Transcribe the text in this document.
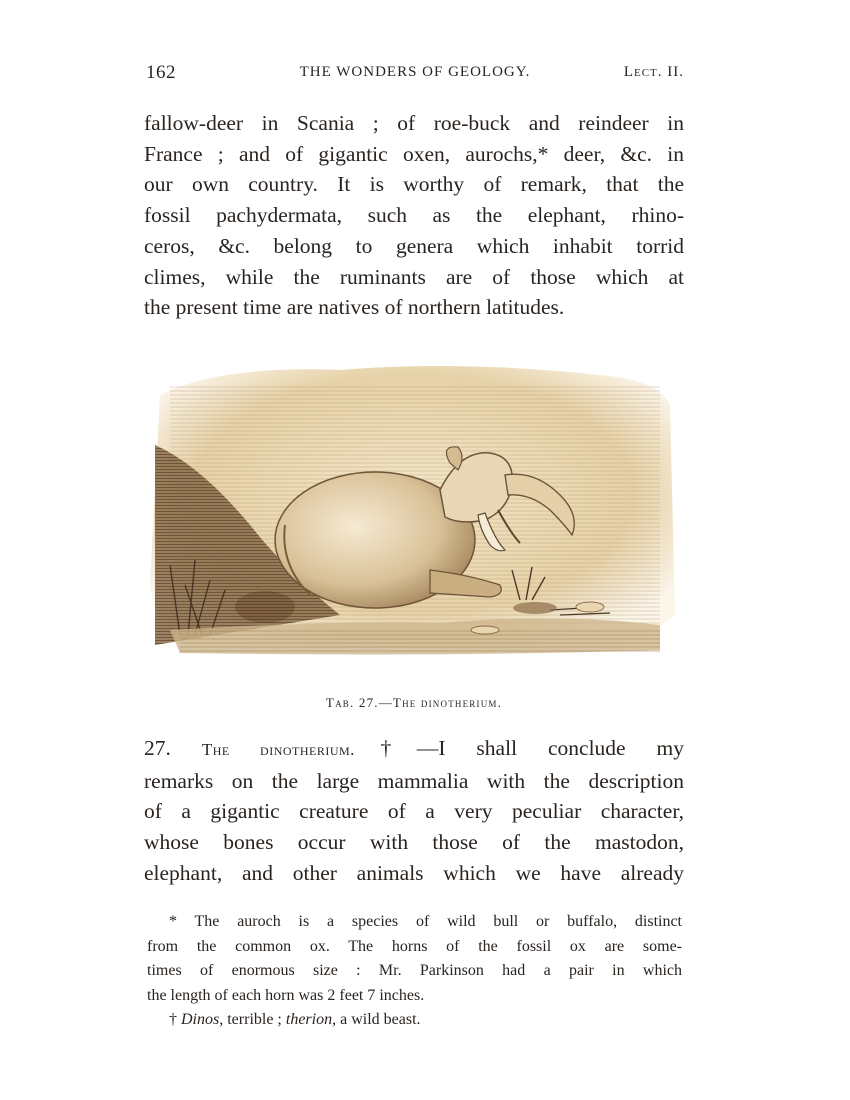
162	THE WONDERS OF GEOLOGY.	Lect. II.
fallow-deer in Scania ; of roe-buck and reindeer in
France ; and of gigantic oxen, aurochs,* deer, &c. in
our own country. It is worthy of remark, that the
fossil pachydermata, such as the elephant, rhino-
ceros, &c. belong to genera which inhabit torrid
climes, while the ruminants are of those which at
the present time are natives of northern latitudes.
Tab. 27.—The dinotherium.
27. The dinotherium.†—I shall conclude my
remarks on the large mammalia with the description
of a gigantic creature of a very peculiar character,
whose bones occur with those of the mastodon,
elephant, and other animals which we have already
* The auroch is a species of wild bull or buffalo, distinct
from the common ox. The horns of the fossil ox are some-
times of enormous size : Mr. Parkinson had a pair in which
the length of each horn was 2 feet 7 inches.
† Dinos, terrible ; therion, a wild beast.
